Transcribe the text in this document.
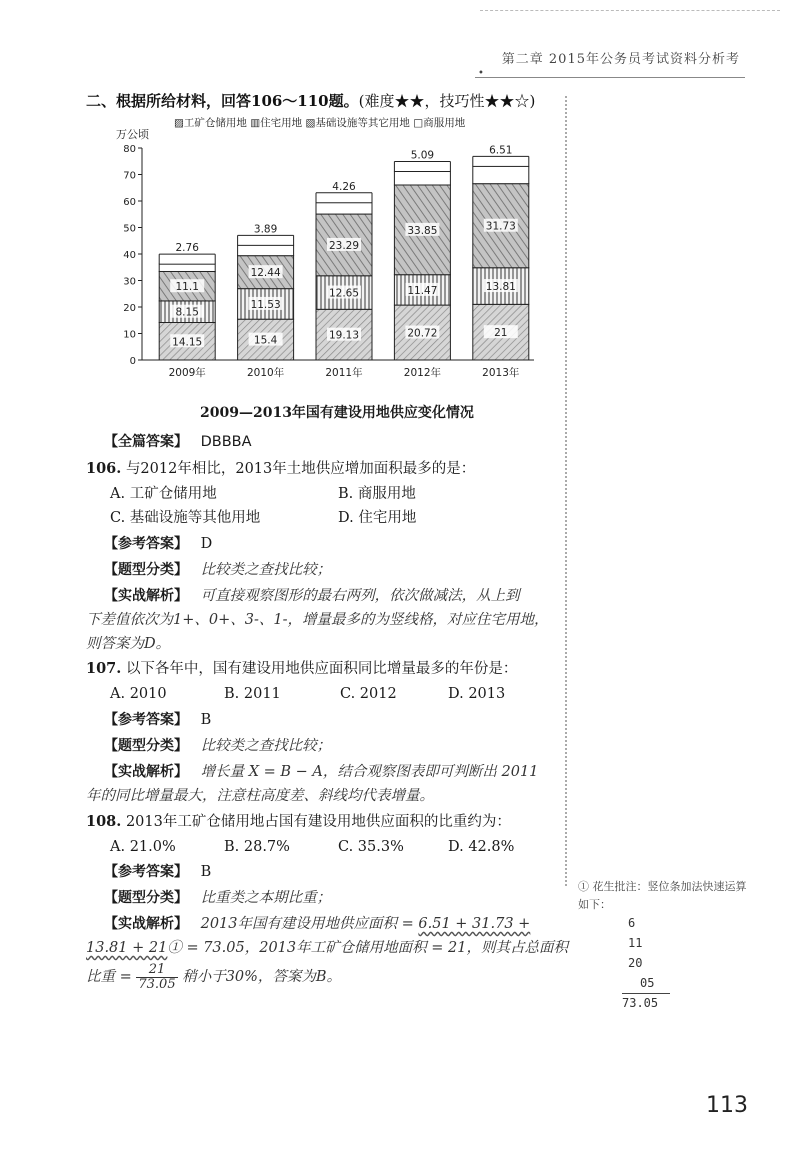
第二章 2015年公务员考试资料分析考
•
二、根据所给材料，回答106～110题。(难度★★，技巧性★★☆)
▨工矿仓储用地 ▥住宅用地 ▧基础设施等其它用地 □商服用地
万公顷
0
10
20
30
40
50
60
70
80
14.15
8.15
11.1
2.76
15.4
11.53
12.44
3.89
19.13
12.65
23.29
4.26
20.72
11.47
33.85
5.09
21
13.81
31.73
6.51
2009年	2010年	2011年	2012年	2013年
2009—2013年国有建设用地供应变化情况
【全篇答案】 DBBBA
106. 与2012年相比，2013年土地供应增加面积最多的是：
A. 工矿仓储用地	B. 商服用地
C. 基础设施等其他用地	D. 住宅用地
【参考答案】 D
【题型分类】 比较类之查找比较；
【实战解析】 可直接观察图形的最右两列，依次做减法，从上到
下差值依次为1+、0+、3-、1-，增量最多的为竖线格，对应住宅用地，
则答案为D。
107. 以下各年中，国有建设用地供应面积同比增量最多的年份是：
A. 2010	B. 2011	C. 2012	D. 2013
【参考答案】 B
【题型分类】 比较类之查找比较；
【实战解析】 增长量 X = B − A，结合观察图表即可判断出 2011
年的同比增量最大，注意柱高度差、斜线均代表增量。
108. 2013年工矿仓储用地占国有建设用地供应面积的比重约为：
A. 21.0%	B. 28.7%	C. 35.3%	D. 42.8%
【参考答案】 B
【题型分类】 比重类之本期比重；
【实战解析】 2013年国有建设用地供应面积 = 6.51 + 31.73 +
13.81 + 21① = 73.05，2013年工矿仓储用地面积 = 21，则其占总面积
比重 = $\frac{21}{73.05}$ 稍小于30%，答案为B。
① 花生批注：竖位条加法快速运算如下：
6
11
20
05
73.05
113
